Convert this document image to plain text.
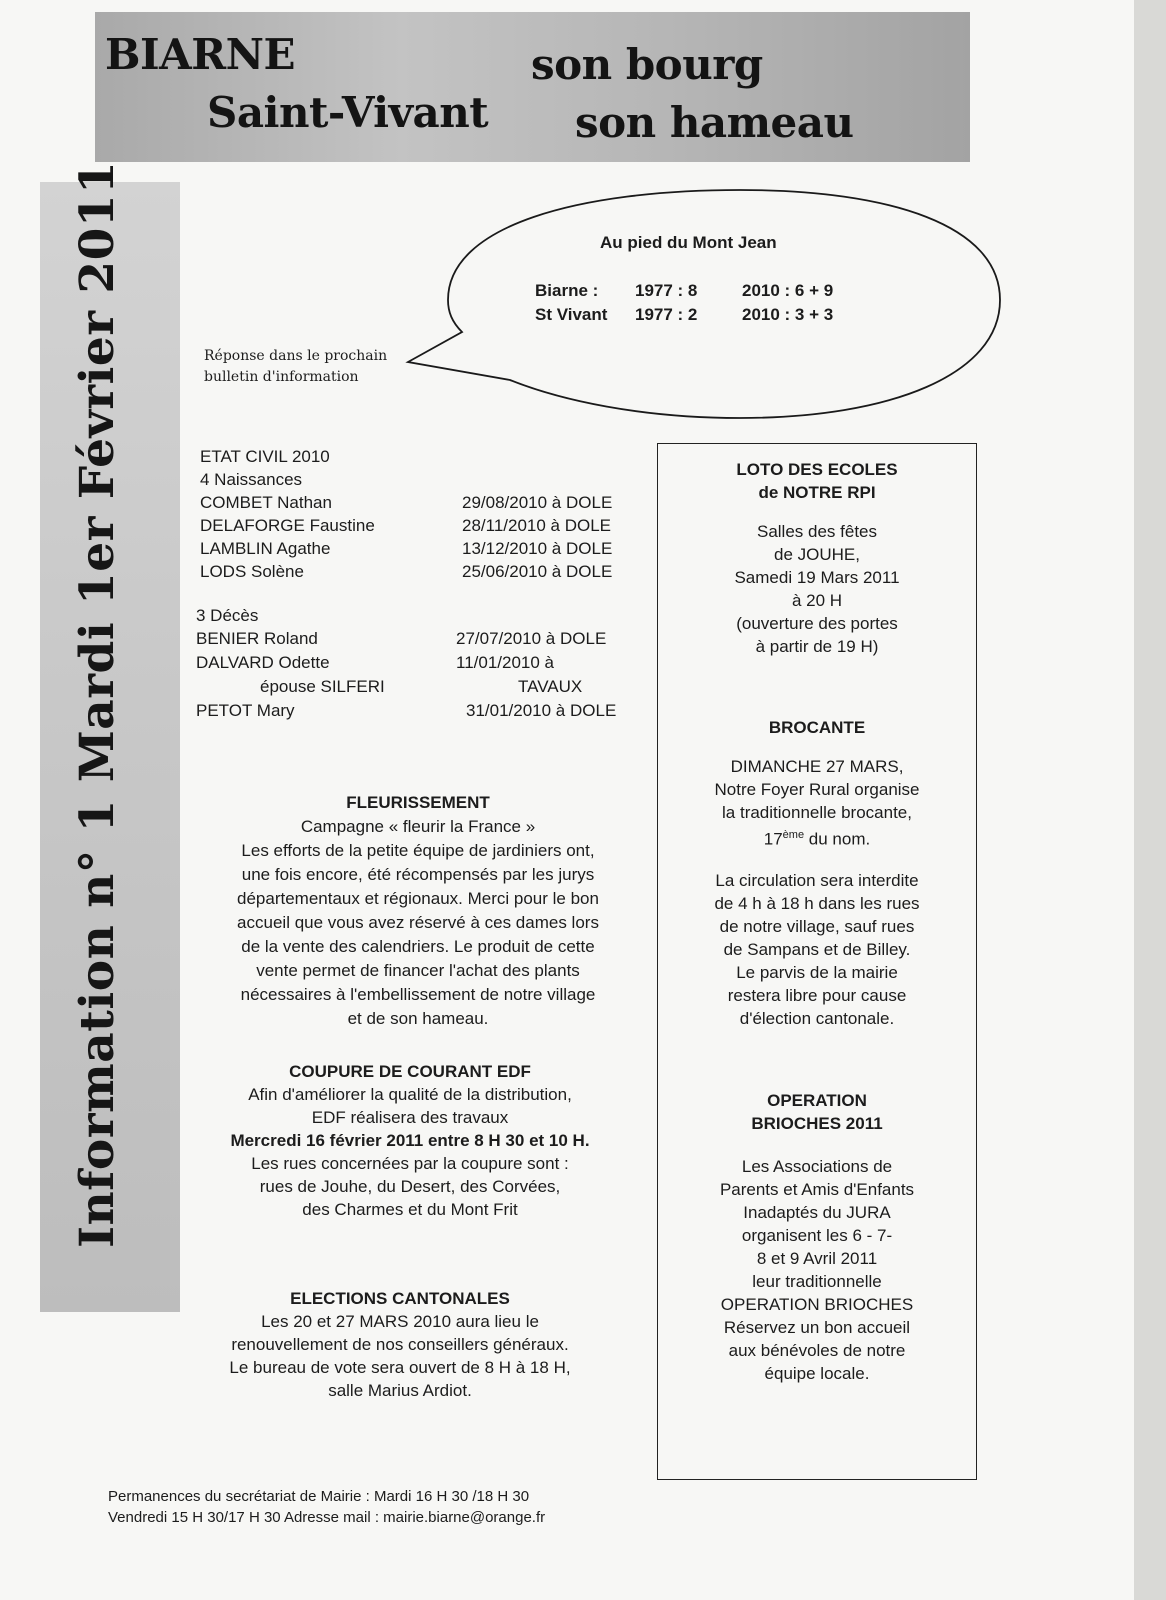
BIARNE
Saint-Vivant
son bourg
son hameau
Information n° 1 Mardi 1er Février 2011	Au pied du Mont Jean
Biarne : 1977 : 8	2010 : 6 + 9
St Vivant 1977 : 2	2010 : 3 + 3
Réponse dans le prochain
bulletin d'information
ETAT CIVIL 2010
4 Naissances
COMBET Nathan	29/08/2010 à DOLE
DELAFORGE Faustine	28/11/2010 à DOLE
LAMBLIN Agathe	13/12/2010 à DOLE
LODS Solène	25/06/2010 à DOLE
3 Décès
BENIER Roland	27/07/2010 à DOLE
DALVARD Odette	11/01/2010 à
épouse SILFERI	TAVAUX
PETOT Mary	31/01/2010 à DOLE
FLEURISSEMENT
Campagne « fleurir la France »
Les efforts de la petite équipe de jardiniers ont,
une fois encore, été récompensés par les jurys
départementaux et régionaux. Merci pour le bon
accueil que vous avez réservé à ces dames lors
de la vente des calendriers. Le produit de cette
vente permet de financer l'achat des plants
nécessaires à l'embellissement de notre village
et de son hameau.
COUPURE DE COURANT EDF
Afin d'améliorer la qualité de la distribution,
EDF réalisera des travaux
Mercredi 16 février 2011 entre 8 H 30 et 10 H.
Les rues concernées par la coupure sont :
rues de Jouhe, du Desert, des Corvées,
des Charmes et du Mont Frit
ELECTIONS CANTONALES
Les 20 et 27 MARS 2010 aura lieu le
renouvellement de nos conseillers généraux.
Le bureau de vote sera ouvert de 8 H à 18 H,
salle Marius Ardiot.
LOTO DES ECOLES
de NOTRE RPI
Salles des fêtes
de JOUHE,
Samedi 19 Mars 2011
à 20 H
(ouverture des portes
à partir de 19 H)
BROCANTE
DIMANCHE 27 MARS,
Notre Foyer Rural organise
la traditionnelle brocante,
17ème du nom.
La circulation sera interdite
de 4 h à 18 h dans les rues
de notre village, sauf rues
de Sampans et de Billey.
Le parvis de la mairie
restera libre pour cause
d'élection cantonale.
OPERATION
BRIOCHES 2011
Les Associations de
Parents et Amis d'Enfants
Inadaptés du JURA
organisent les 6 - 7-
8 et 9 Avril 2011
leur traditionnelle
OPERATION BRIOCHES
Réservez un bon accueil
aux bénévoles de notre
équipe locale.
Permanences du secrétariat de Mairie : Mardi 16 H 30 /18 H 30
Vendredi 15 H 30/17 H 30 Adresse mail : mairie.biarne@orange.fr
